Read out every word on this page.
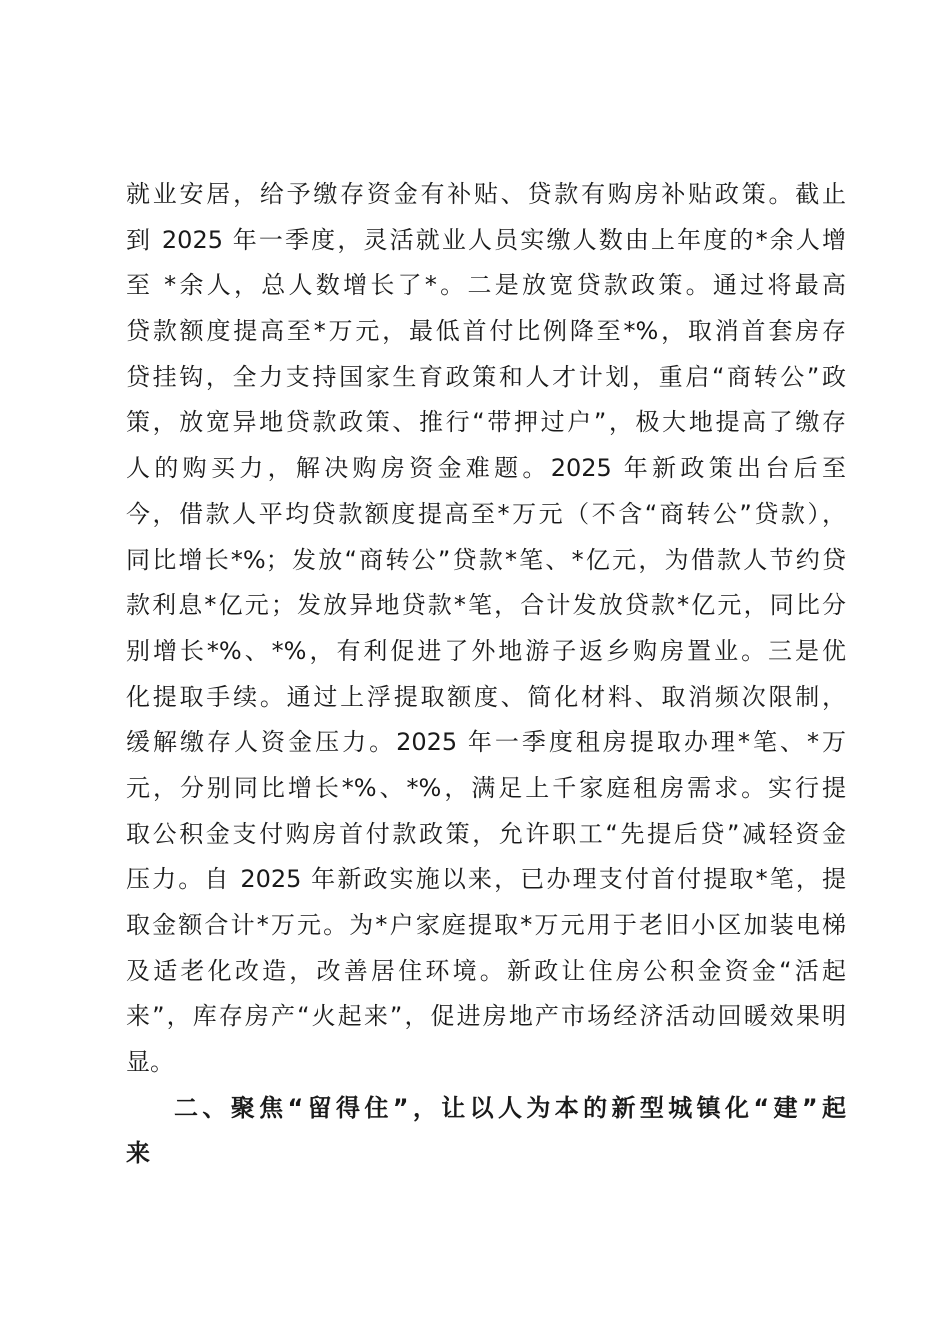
就业安居，给予缴存资金有补贴、贷款有购房补贴政策。截止
到 2025 年一季度，灵活就业人员实缴人数由上年度的*余人增
至 *余人，总人数增长了*。二是放宽贷款政策。通过将最高
贷款额度提高至*万元，最低首付比例降至*%，取消首套房存
贷挂钩，全力支持国家生育政策和人才计划，重启“商转公”政
策，放宽异地贷款政策、推行“带押过户”，极大地提高了缴存
人的购买力，解决购房资金难题。2025 年新政策出台后至
今，借款人平均贷款额度提高至*万元（不含“商转公”贷款），
同比增长*%；发放“商转公”贷款*笔、*亿元，为借款人节约贷
款利息*亿元；发放异地贷款*笔，合计发放贷款*亿元，同比分
别增长*%、*%，有利促进了外地游子返乡购房置业。三是优
化提取手续。通过上浮提取额度、简化材料、取消频次限制，
缓解缴存人资金压力。2025 年一季度租房提取办理*笔、*万
元，分别同比增长*%、*%，满足上千家庭租房需求。实行提
取公积金支付购房首付款政策，允许职工“先提后贷”减轻资金
压力。自 2025 年新政实施以来，已办理支付首付提取*笔，提
取金额合计*万元。为*户家庭提取*万元用于老旧小区加装电梯
及适老化改造，改善居住环境。新政让住房公积金资金“活起
来”，库存房产“火起来”，促进房地产市场经济活动回暖效果明
显。
二、聚焦“留得住”，让以人为本的新型城镇化“建”起
来
